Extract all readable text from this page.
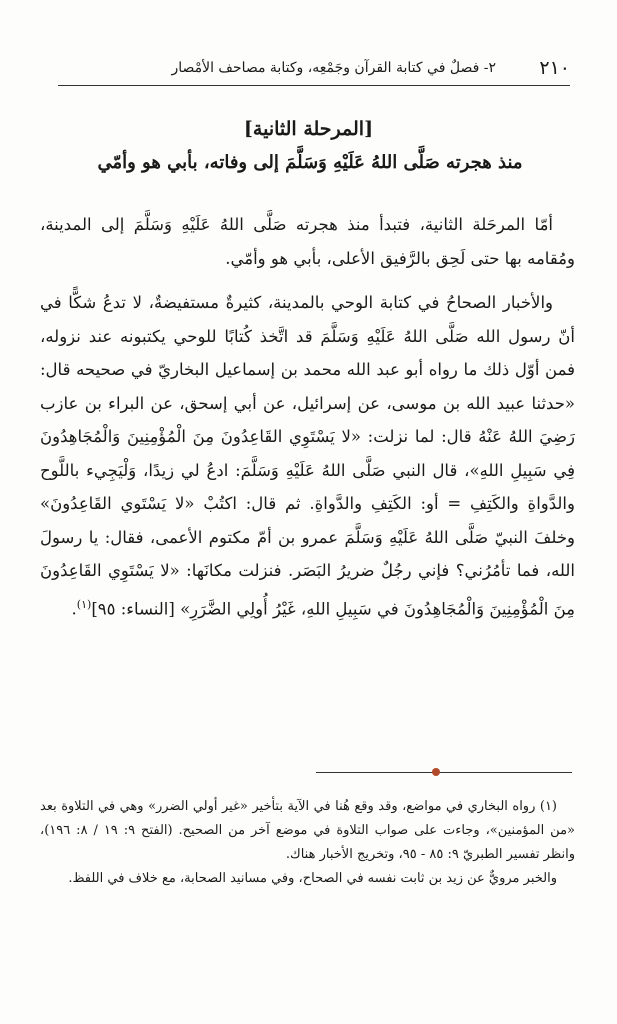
٢١٠
٢- فصلٌ في كتابة القرآن وجَمْعِه، وكتابة مصاحف الأمْصار
[المرحلة الثانية]
منذ هجرته صَلَّى اللهُ عَلَيْهِ وَسَلَّمَ إلى وفاته، بأبي هو وأمّي

أمّا المرحَلة الثانية، فتبدأ منذ هجرته صَلَّى اللهُ عَلَيْهِ وَسَلَّمَ إلى المدينة، ومُقامه بها حتى لَحِق بالرَّفيق الأعلى، بأبي هو وأمّي.

والأخبار الصحاحُ في كتابة الوحي بالمدينة، كثيرةٌ مستفيضةٌ، لا تدعُ شكًّا في أنّ رسول الله صَلَّى اللهُ عَلَيْهِ وَسَلَّمَ قد اتَّخذ كُتابًا للوحي يكتبونه عند نزوله، فمن أوّل ذلك ما رواه أبو عبد الله محمد بن إسماعيل البخاريّ في صحيحه قال: «حدثنا عبيد الله بن موسى، عن إسرائيل، عن أبي إسحق، عن البراء بن عازب رَضِيَ اللهُ عَنْهُ قال: لما نزلت: «لا يَسْتَوِي القَاعِدُونَ مِنَ الْمُؤْمِنِينَ وَالْمُجَاهِدُونَ فِي سَبِيلِ اللهِ»، قال النبي صَلَّى اللهُ عَلَيْهِ وَسَلَّمَ: ادعُ لي زيدًا، وَلْيَجِيء باللَّوح والدَّواةِ والكَتِفِ = أو: الكَتِفِ والدَّواةِ. ثم قال: اكتُبْ «لا يَسْتَوي القَاعِدُونَ» وخلفَ النبيّ صَلَّى اللهُ عَلَيْهِ وَسَلَّمَ عمرو بن أمّ مكتوم الأعمى، فقال: يا رسولَ الله، فما تأمُرُني؟ فإني رجُلٌ ضريرُ البَصَر. فنزلت مكانَها: «لا يَسْتَوِي القَاعِدُونَ مِنَ الْمُؤْمِنِينَ وَالْمُجَاهِدُونَ في سَبِيلِ اللهِ، غَيْرُ أُولِي الضَّرَرِ» [النساء: ٩٥]$^{(١)}$.

(١) رواه البخاري في مواضع، وقد وقع هُنا في الآية بتأخير «غير أولي الضرر» وهي في التلاوة بعد «من المؤمنين»، وجاءت على صواب التلاوة في موضع آخر من الصحيح. (الفتح ٩: ١٩ / ٨: ١٩٦)، وانظر تفسير الطبريّ ٩: ٨٥ - ٩٥، وتخريج الأخبار هناك.

والخبر مرويٌّ عن زيد بن ثابت نفسه في الصحاح، وفي مسانيد الصحابة، مع خلاف في اللفظ.
